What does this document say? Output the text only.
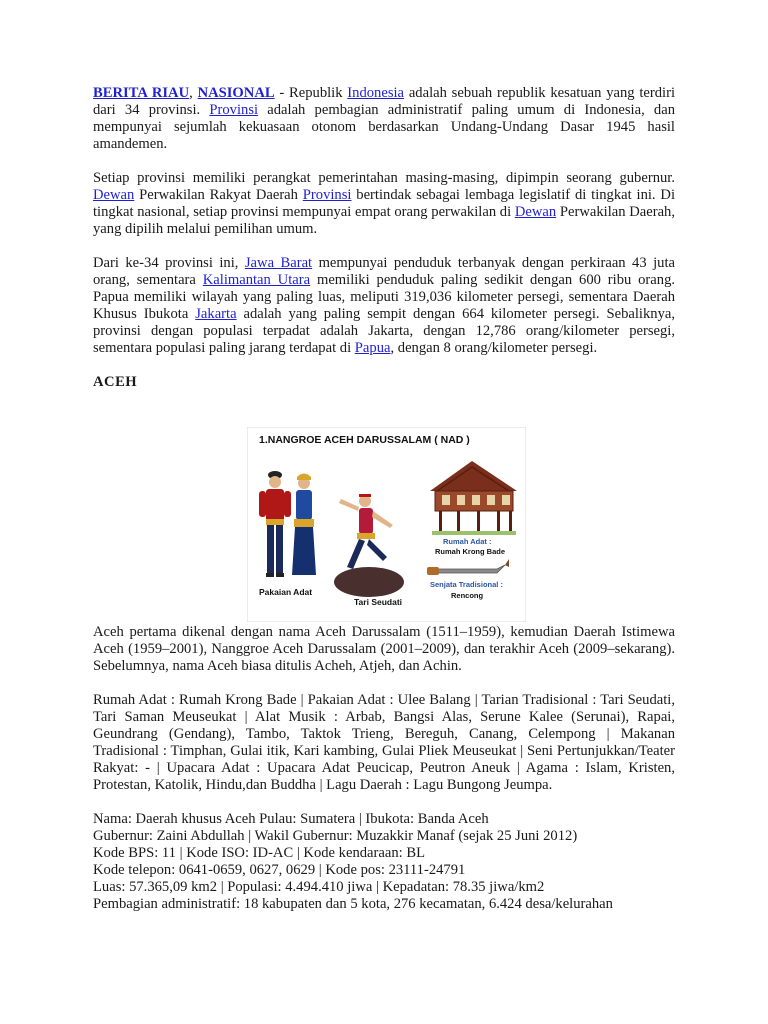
BERITA RIAU, NASIONAL - Republik Indonesia adalah sebuah republik kesatuan yang terdiri dari 34 provinsi. Provinsi adalah pembagian administratif paling umum di Indonesia, dan mempunyai sejumlah kekuasaan otonom berdasarkan Undang-Undang Dasar 1945 hasil amandemen.

Setiap provinsi memiliki perangkat pemerintahan masing-masing, dipimpin seorang gubernur. Dewan Perwakilan Rakyat Daerah Provinsi bertindak sebagai lembaga legislatif di tingkat ini. Di tingkat nasional, setiap provinsi mempunyai empat orang perwakilan di Dewan Perwakilan Daerah, yang dipilih melalui pemilihan umum.

Dari ke-34 provinsi ini, Jawa Barat mempunyai penduduk terbanyak dengan perkiraan 43 juta orang, sementara Kalimantan Utara memiliki penduduk paling sedikit dengan 600 ribu orang. Papua memiliki wilayah yang paling luas, meliputi 319,036 kilometer persegi, sementara Daerah Khusus Ibukota Jakarta adalah yang paling sempit dengan 664 kilometer persegi. Sebaliknya, provinsi dengan populasi terpadat adalah Jakarta, dengan 12,786 orang/kilometer persegi, sementara populasi paling jarang terdapat di Papua, dengan 8 orang/kilometer persegi.

ACEH

1.NANGROE ACEH DARUSSALAM ( NAD )
Pakaian Adat
Tari Seudati
Rumah Adat :
Rumah Krong Bade
Senjata Tradisional :
Rencong

Aceh pertama dikenal dengan nama Aceh Darussalam (1511–1959), kemudian Daerah Istimewa Aceh (1959–2001), Nanggroe Aceh Darussalam (2001–2009), dan terakhir Aceh (2009–sekarang). Sebelumnya, nama Aceh biasa ditulis Acheh, Atjeh, dan Achin.

Rumah Adat : Rumah Krong Bade | Pakaian Adat : Ulee Balang | Tarian Tradisional : Tari Seudati, Tari Saman Meuseukat | Alat Musik : Arbab, Bangsi Alas, Serune Kalee (Serunai), Rapai, Geundrang (Gendang), Tambo, Taktok Trieng, Bereguh, Canang, Celempong | Makanan Tradisional : Timphan, Gulai itik, Kari kambing, Gulai Pliek Meuseukat | Seni Pertunjukkan/Teater Rakyat: - | Upacara Adat : Upacara Adat Peucicap, Peutron Aneuk | Agama : Islam, Kristen, Protestan, Katolik, Hindu,dan Buddha | Lagu Daerah : Lagu Bungong Jeumpa.

Nama: Daerah khusus Aceh Pulau: Sumatera | Ibukota: Banda Aceh

Gubernur: Zaini Abdullah | Wakil Gubernur: Muzakkir Manaf (sejak 25 Juni 2012)

Kode BPS: 11 | Kode ISO: ID-AC | Kode kendaraan: BL

Kode telepon: 0641-0659, 0627, 0629 | Kode pos: 23111-24791

Luas: 57.365,09 km2 | Populasi: 4.494.410 jiwa | Kepadatan: 78.35 jiwa/km2

Pembagian administratif: 18 kabupaten dan 5 kota, 276 kecamatan, 6.424 desa/kelurahan
